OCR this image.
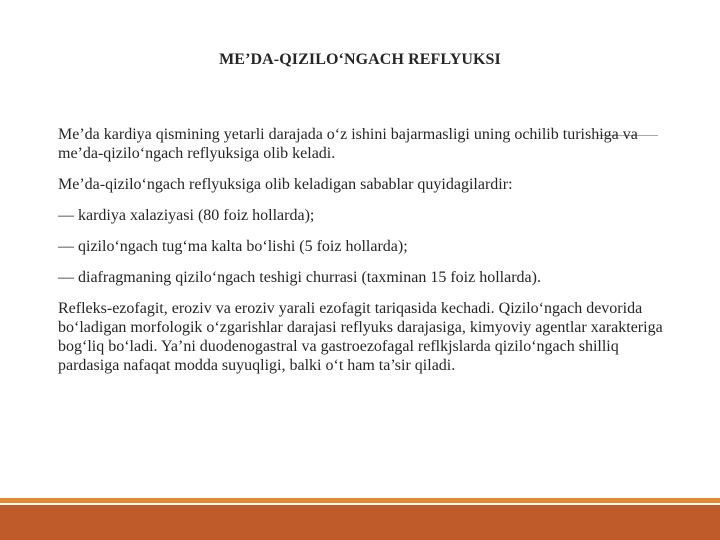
ME’DA-QIZILO‘NGACH REFLYUKSI

Me’da kardiya qismining yetarli darajada o‘z ishini bajarmasligi uning ochilib turishiga va me’da-qizilo‘ngach reflyuksiga olib keladi.

Me’da-qizilo‘ngach reflyuksiga olib keladigan sabablar quyidagilardir:

— kardiya xalaziyasi (80 foiz hollarda);

— qizilo‘ngach tug‘ma kalta bo‘lishi (5 foiz hollarda);

— diafragmaning qizilo‘ngach teshigi churrasi (taxminan 15 foiz hollarda).

Refleks-ezofagit, eroziv va eroziv yarali ezofagit tariqasida kechadi. Qizilo‘ngach devorida bo‘ladigan morfologik o‘zgarishlar darajasi reflyuks darajasiga, kimyoviy agentlar xarakteriga bog‘liq bo‘ladi. Ya’ni duodenogastral va gastroezofagal reflkjslarda qizilo‘ngach shilliq pardasiga nafaqat modda suyuqligi, balki o‘t ham ta’sir qiladi.
